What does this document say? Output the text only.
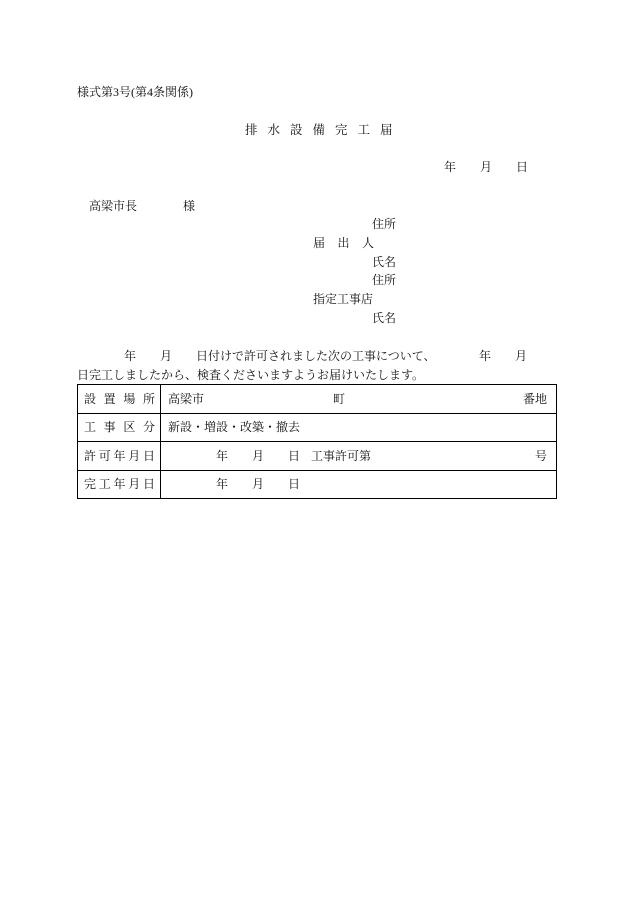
様式第3号(第4条関係)
排水設備完工届
年 月 日
高梁市長	様
住所
届出人
氏名
住所
指定工事店
氏名
年 月 日付けで許可されました次の工事について、	年 月
日完工しましたから、検査くださいますようお届けいたします。
設 置 場 所	高梁市 町 番地

工 事 区 分	新設・増設・改築・撤去

許 可 年 月 日	年 月 日 工事許可第 号

完 工 年 月 日	年 月 日
